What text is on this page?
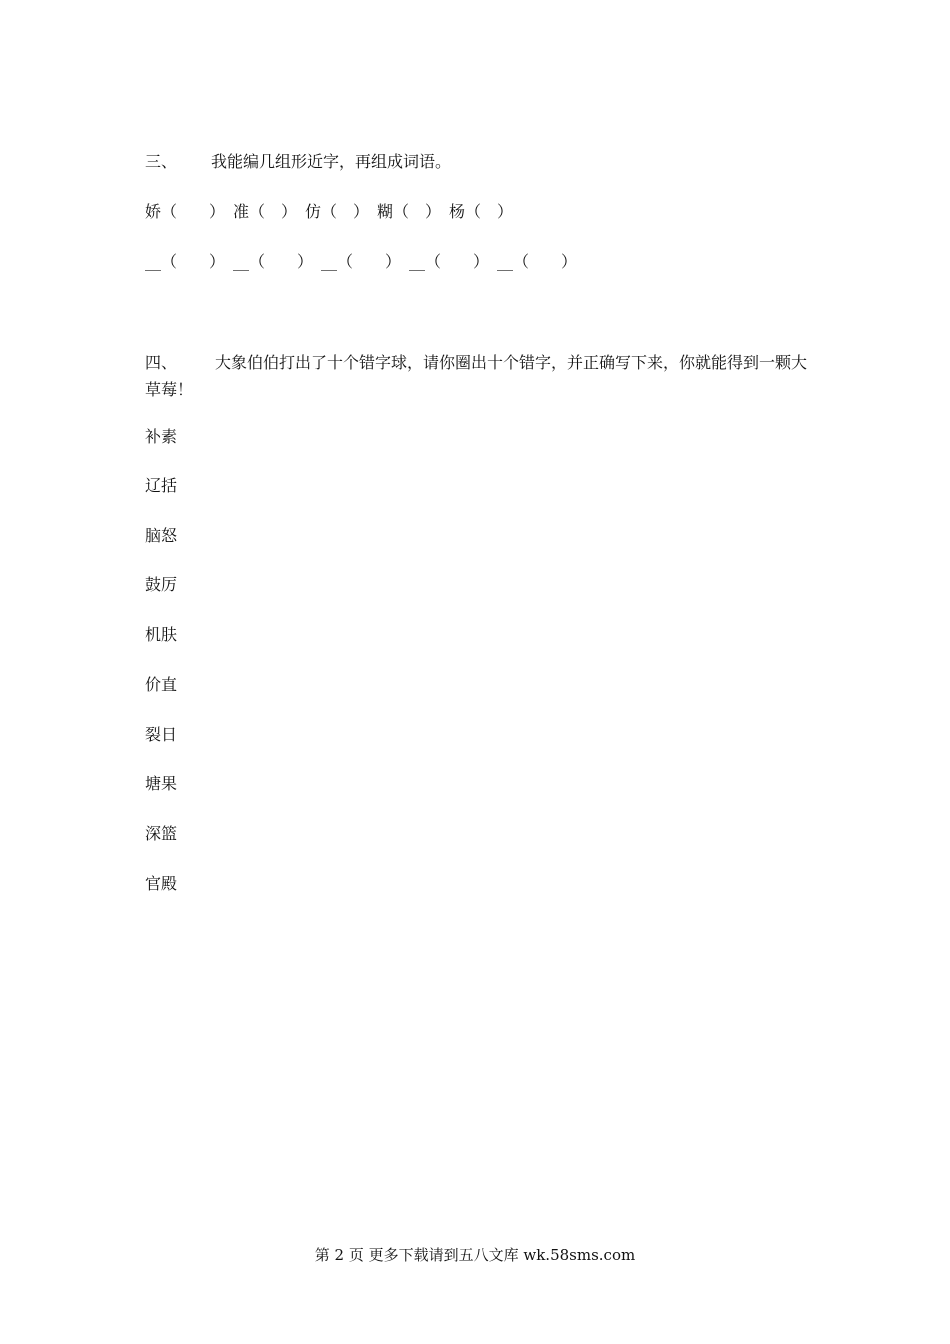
三、 我能编几组形近字，再组成词语。
娇（　　）　准（　）　仿（　）　糊（　）　杨（　）
__（　　）　__（　　）　__（　　）　__（　　）　__（　　）
四、 大象伯伯打出了十个错字球，请你圈出十个错字，并正确写下来，你就能得到一颗大草莓！
补素
辽括
脑怒
鼓厉
机肤
价直
裂日
塘果
深篮
官殿
第 2 页 更多下载请到五八文库 wk.58sms.com
